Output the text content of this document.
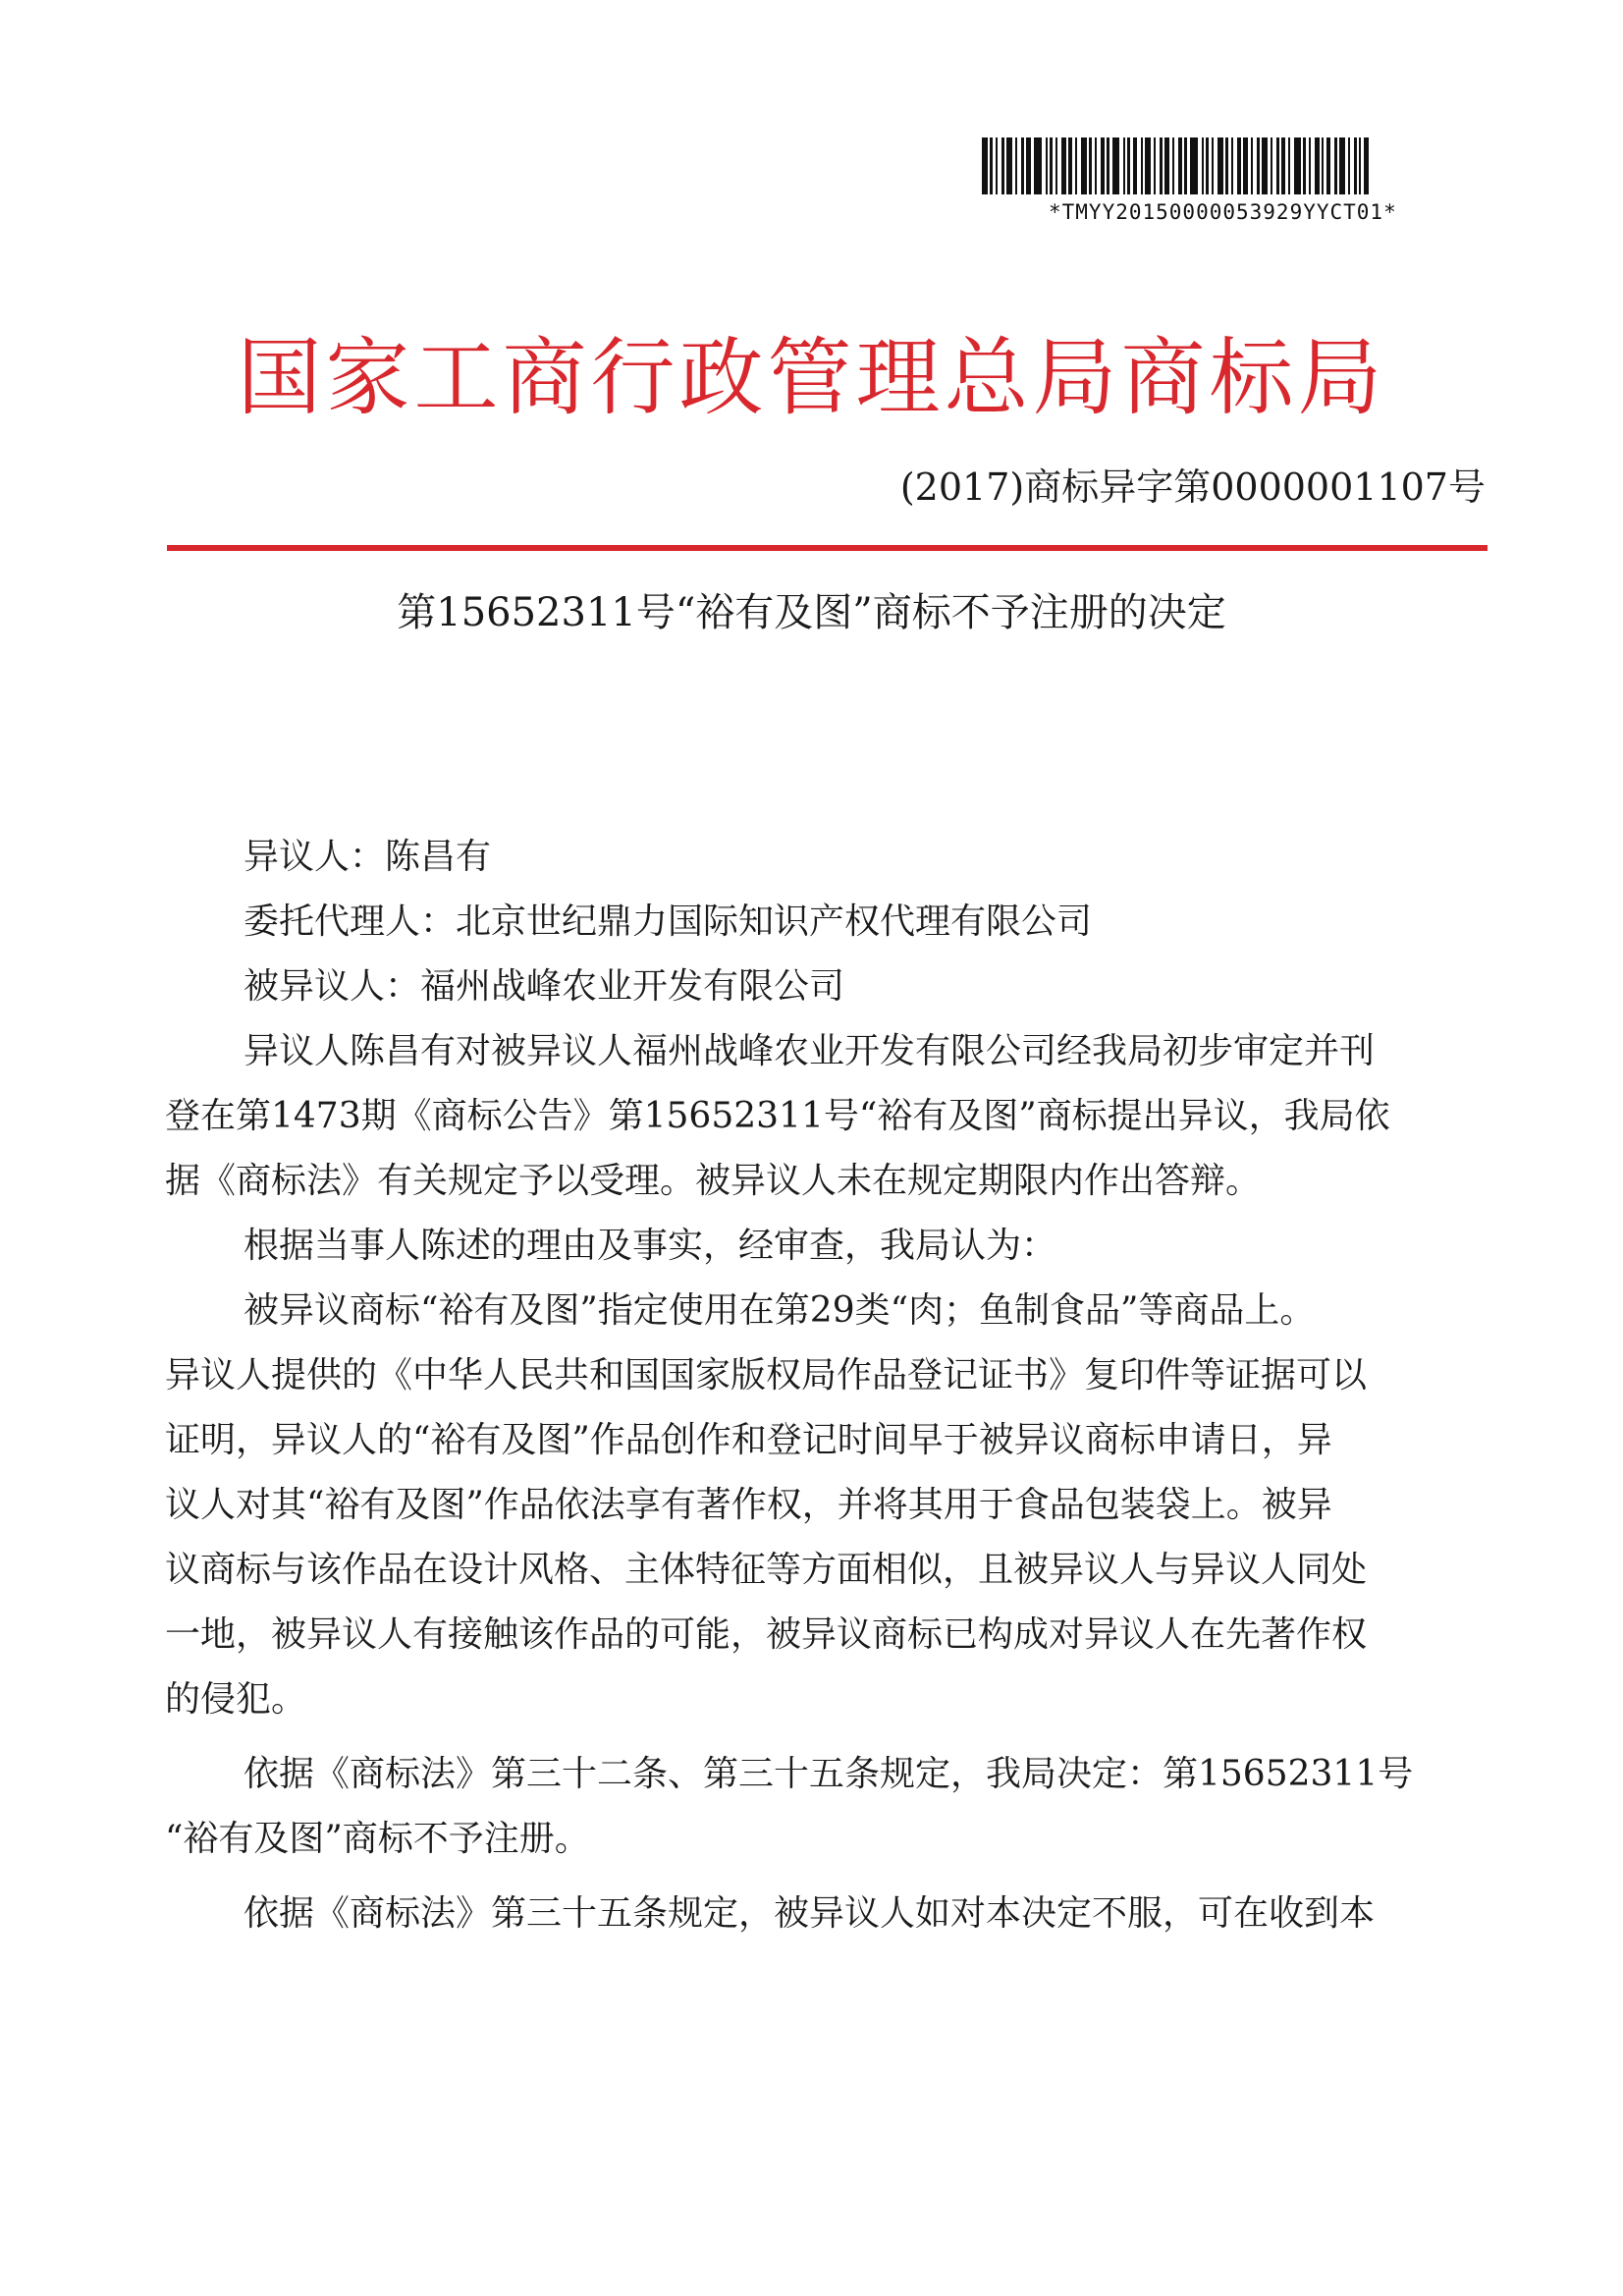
*TMYY20150000053929YYCT01*
国家工商行政管理总局商标局
(2017)商标异字第0000001107号
第15652311号“裕有及图”商标不予注册的决定

异议人：陈昌有

委托代理人：北京世纪鼎力国际知识产权代理有限公司

被异议人：福州战峰农业开发有限公司

异议人陈昌有对被异议人福州战峰农业开发有限公司经我局初步审定并刊

登在第1473期《商标公告》第15652311号“裕有及图”商标提出异议，我局依

据《商标法》有关规定予以受理。被异议人未在规定期限内作出答辩。

根据当事人陈述的理由及事实，经审查，我局认为：

被异议商标“裕有及图”指定使用在第29类“肉；鱼制食品”等商品上。

异议人提供的《中华人民共和国国家版权局作品登记证书》复印件等证据可以

证明，异议人的“裕有及图”作品创作和登记时间早于被异议商标申请日，异

议人对其“裕有及图”作品依法享有著作权，并将其用于食品包装袋上。被异

议商标与该作品在设计风格、主体特征等方面相似，且被异议人与异议人同处

一地，被异议人有接触该作品的可能，被异议商标已构成对异议人在先著作权

的侵犯。

依据《商标法》第三十二条、第三十五条规定，我局决定：第15652311号

“裕有及图”商标不予注册。

依据《商标法》第三十五条规定，被异议人如对本决定不服，可在收到本
